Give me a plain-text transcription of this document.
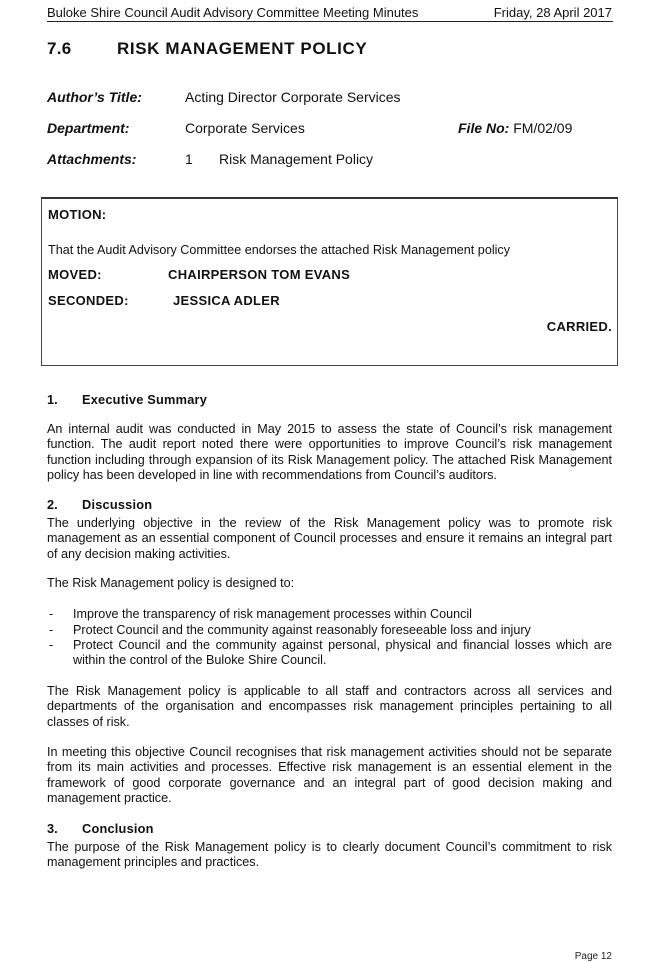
Buloke Shire Council Audit Advisory Committee Meeting Minutes	Friday, 28 April 2017
7.6	RISK MANAGEMENT POLICY
Author’s Title:	Acting Director Corporate Services
Department:	Corporate Services	File No: FM/02/09
Attachments:	1 Risk Management Policy
MOTION:
That the Audit Advisory Committee endorses the attached Risk Management policy
MOVED:	CHAIRPERSON TOM EVANS
SECONDED:	JESSICA ADLER
CARRIED.
1. Executive Summary
An internal audit was conducted in May 2015 to assess the state of Council’s risk management function. The audit report noted there were opportunities to improve Council’s risk management function including through expansion of its Risk Management policy. The attached Risk Management policy has been developed in line with recommendations from Council’s auditors.
2. Discussion
The underlying objective in the review of the Risk Management policy was to promote risk management as an essential component of Council processes and ensure it remains an integral part of any decision making activities.
The Risk Management policy is designed to:
- Improve the transparency of risk management processes within Council
- Protect Council and the community against reasonably foreseeable loss and injury
- Protect Council and the community against personal, physical and financial losses which are within the control of the Buloke Shire Council.
The Risk Management policy is applicable to all staff and contractors across all services and departments of the organisation and encompasses risk management principles pertaining to all classes of risk.
In meeting this objective Council recognises that risk management activities should not be separate from its main activities and processes. Effective risk management is an essential element in the framework of good corporate governance and an integral part of good decision making and management practice.
3. Conclusion
The purpose of the Risk Management policy is to clearly document Council’s commitment to risk management principles and practices.
Page 12
